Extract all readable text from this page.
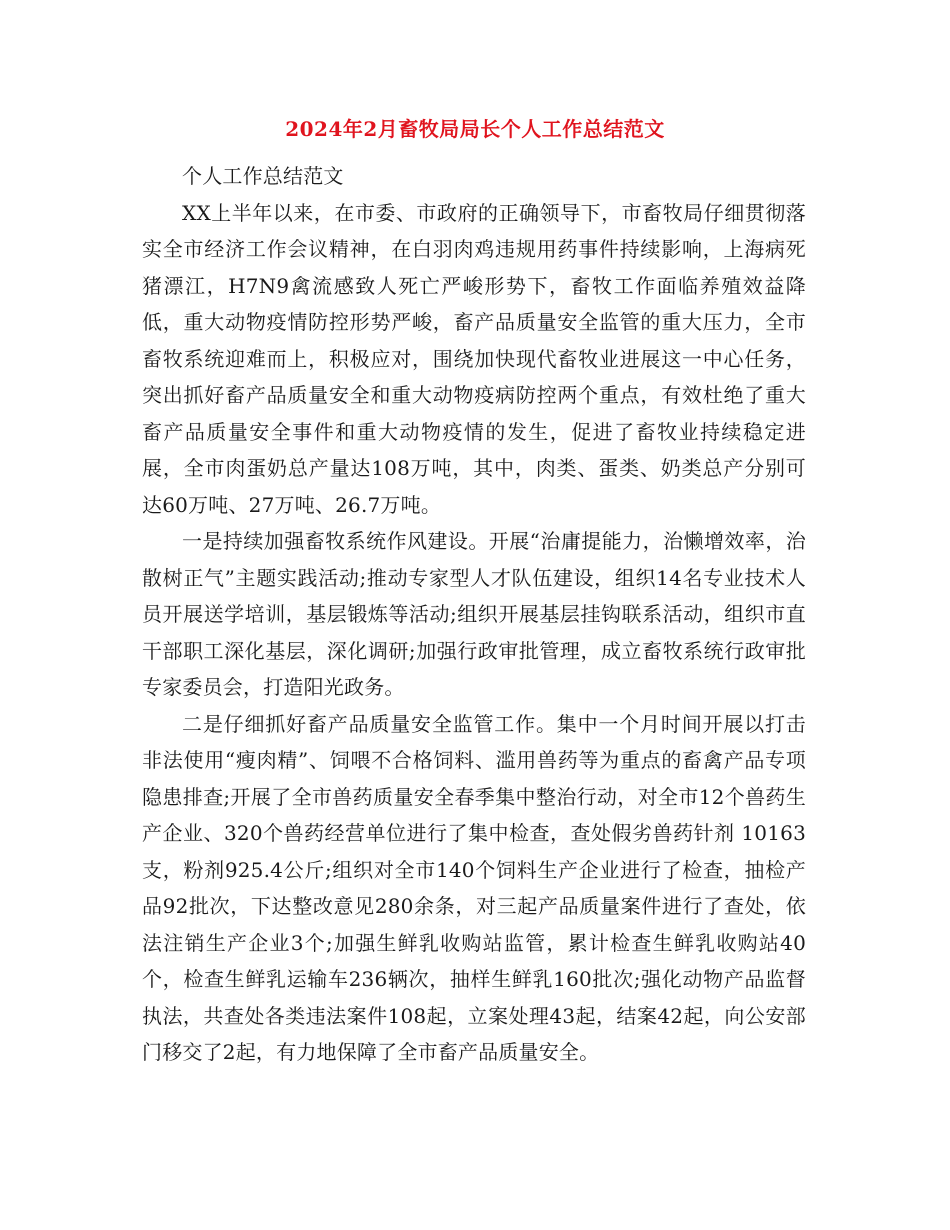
2024年2月畜牧局局长个人工作总结范文

个人工作总结范文

XX上半年以来，在市委、市政府的正确领导下，市畜牧局仔细贯彻落实全市经济工作会议精神，在白羽肉鸡违规用药事件持续影响，上海病死猪漂江，H7N9禽流感致人死亡严峻形势下，畜牧工作面临养殖效益降低，重大动物疫情防控形势严峻，畜产品质量安全监管的重大压力，全市畜牧系统迎难而上，积极应对，围绕加快现代畜牧业进展这一中心任务，突出抓好畜产品质量安全和重大动物疫病防控两个重点，有效杜绝了重大畜产品质量安全事件和重大动物疫情的发生，促进了畜牧业持续稳定进展，全市肉蛋奶总产量达108万吨，其中，肉类、蛋类、奶类总产分别可达60万吨、27万吨、26.7万吨。

一是持续加强畜牧系统作风建设。开展“治庸提能力，治懒增效率，治散树正气”主题实践活动;推动专家型人才队伍建设，组织14名专业技术人员开展送学培训，基层锻炼等活动;组织开展基层挂钩联系活动，组织市直干部职工深化基层，深化调研;加强行政审批管理，成立畜牧系统行政审批专家委员会，打造阳光政务。

二是仔细抓好畜产品质量安全监管工作。集中一个月时间开展以打击非法使用“瘦肉精”、饲喂不合格饲料、滥用兽药等为重点的畜禽产品专项隐患排查;开展了全市兽药质量安全春季集中整治行动，对全市12个兽药生产企业、320个兽药经营单位进行了集中检查，查处假劣兽药针剂 10163支，粉剂925.4公斤;组织对全市140个饲料生产企业进行了检查，抽检产品92批次，下达整改意见280余条，对三起产品质量案件进行了查处，依法注销生产企业3个;加强生鲜乳收购站监管，累计检查生鲜乳收购站40个，检查生鲜乳运输车236辆次，抽样生鲜乳160批次;强化动物产品监督执法，共查处各类违法案件108起，立案处理43起，结案42起，向公安部门移交了2起，有力地保障了全市畜产品质量安全。
